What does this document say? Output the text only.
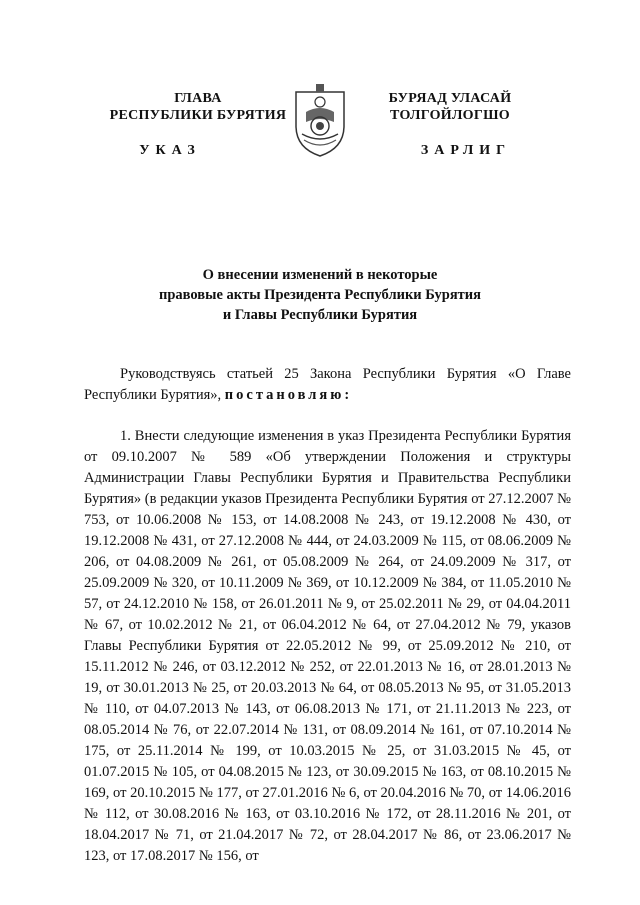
ГЛАВА
РЕСПУБЛИКИ БУРЯТИЯ
БУРЯАД УЛАСАЙ
ТОЛГОЙЛОГШО
УКАЗ	ЗАРЛИГ
О внесении изменений в некоторые
правовые акты Президента Республики Бурятия
и Главы Республики Бурятия
Руководствуясь статьей 25 Закона Республики Бурятия «О Главе Республики Бурятия», постановляю:
1. Внести следующие изменения в указ Президента Республики Бурятия от 09.10.2007 № 589 «Об утверждении Положения и структуры Администрации Главы Республики Бурятия и Правительства Республики Бурятия» (в редакции указов Президента Республики Бурятия от 27.12.2007 № 753, от 10.06.2008 № 153, от 14.08.2008 № 243, от 19.12.2008 № 430, от 19.12.2008 № 431, от 27.12.2008 № 444, от 24.03.2009 № 115, от 08.06.2009 № 206, от 04.08.2009 № 261, от 05.08.2009 № 264, от 24.09.2009 № 317, от 25.09.2009 № 320, от 10.11.2009 № 369, от 10.12.2009 № 384, от 11.05.2010 № 57, от 24.12.2010 № 158, от 26.01.2011 № 9, от 25.02.2011 № 29, от 04.04.2011 № 67, от 10.02.2012 № 21, от 06.04.2012 № 64, от 27.04.2012 № 79, указов Главы Республики Бурятия от 22.05.2012 № 99, от 25.09.2012 № 210, от 15.11.2012 № 246, от 03.12.2012 № 252, от 22.01.2013 № 16, от 28.01.2013 № 19, от 30.01.2013 № 25, от 20.03.2013 № 64, от 08.05.2013 № 95, от 31.05.2013 № 110, от 04.07.2013 № 143, от 06.08.2013 № 171, от 21.11.2013 № 223, от 08.05.2014 № 76, от 22.07.2014 № 131, от 08.09.2014 № 161, от 07.10.2014 № 175, от 25.11.2014 № 199, от 10.03.2015 № 25, от 31.03.2015 № 45, от 01.07.2015 № 105, от 04.08.2015 № 123, от 30.09.2015 № 163, от 08.10.2015 № 169, от 20.10.2015 № 177, от 27.01.2016 № 6, от 20.04.2016 № 70, от 14.06.2016 № 112, от 30.08.2016 № 163, от 03.10.2016 № 172, от 28.11.2016 № 201, от 18.04.2017 № 71, от 21.04.2017 № 72, от 28.04.2017 № 86, от 23.06.2017 № 123, от 17.08.2017 № 156, от
